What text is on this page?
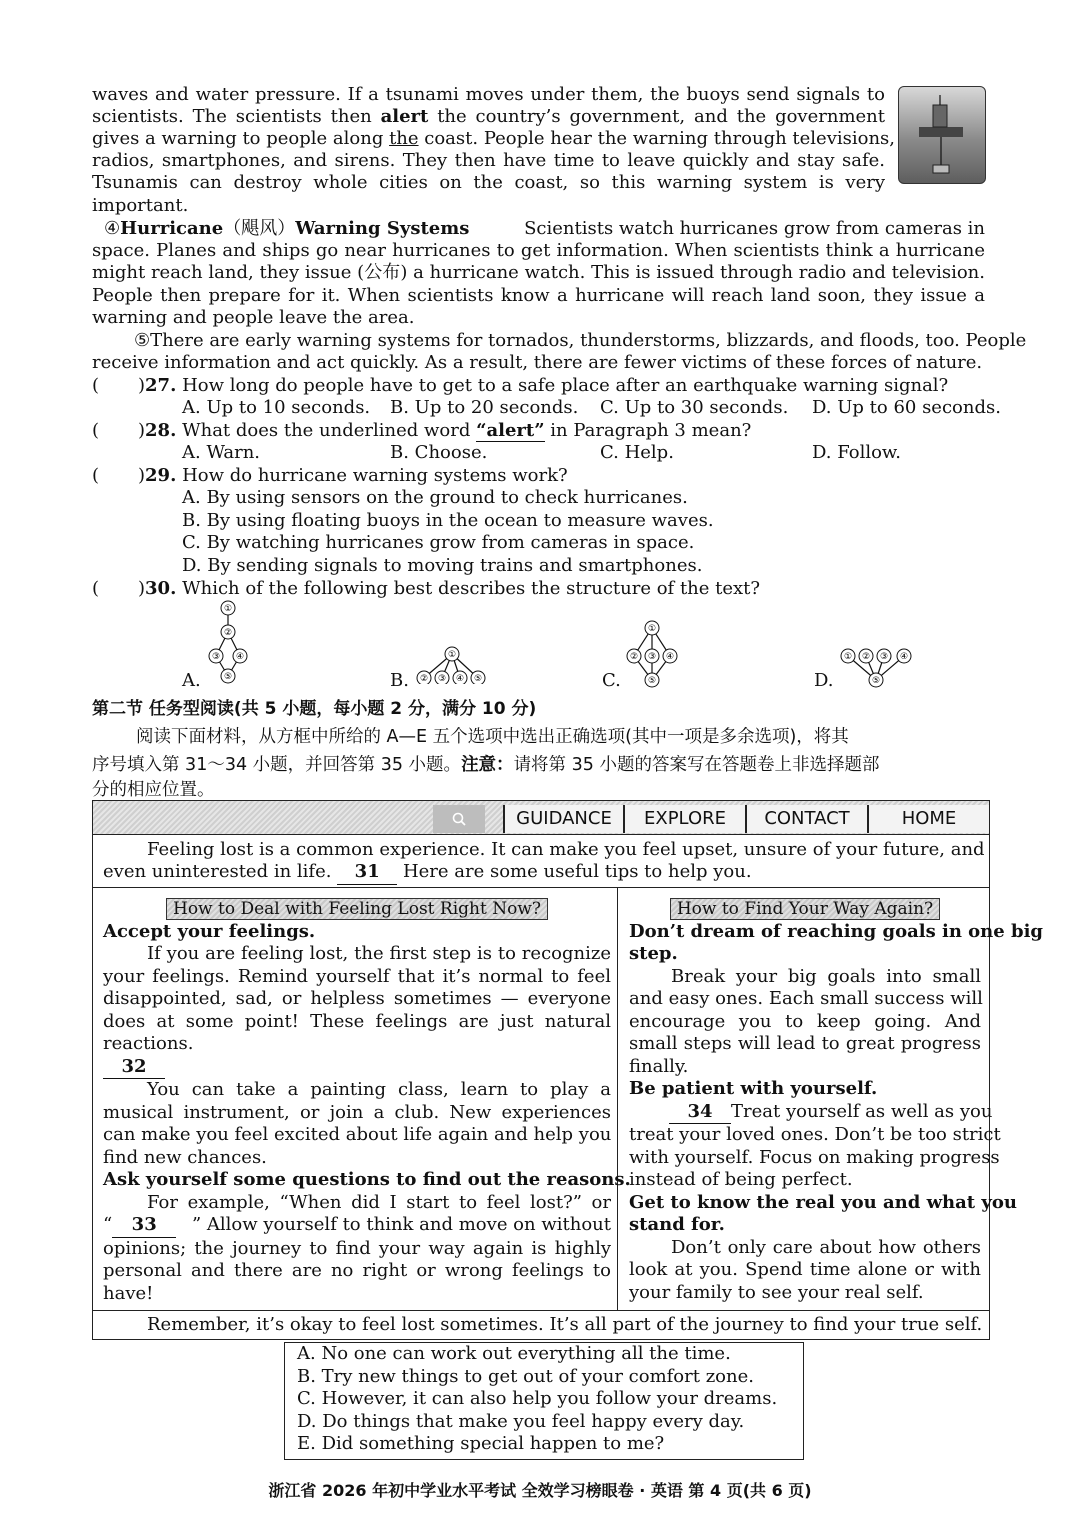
waves and water pressure. If a tsunami moves under them, the buoys send signals to
scientists. The scientists then alert the country’s government, and the government
gives a warning to people along the coast. People hear the warning through televisions,
radios, smartphones, and sirens. They then have time to leave quickly and stay safe.
Tsunamis can destroy whole cities on the coast, so this warning system is very
important.
④Hurricane（飓风）Warning Systems	Scientists watch hurricanes grow from cameras in
space. Planes and ships go near hurricanes to get information. When scientists think a hurricane
might reach land, they issue (公布) a hurricane watch. This is issued through radio and television.
People then prepare for it. When scientists know a hurricane will reach land soon, they issue a
warning and people leave the area.
⑤There are early warning systems for tornados, thunderstorms, blizzards, and floods, too. People
receive information and act quickly. As a result, there are fewer victims of these forces of nature.
( )27. How long do people have to get to a safe place after an earthquake warning signal?
A. Up to 10 seconds. B. Up to 20 seconds. C. Up to 30 seconds. D. Up to 60 seconds.
( )28. What does the underlined word “alert” in Paragraph 3 mean?
A. Warn.	B. Choose.	C. Help.	D. Follow.
( )29. How do hurricane warning systems work?
A. By using sensors on the ground to check hurricanes.
B. By using floating buoys in the ocean to measure waves.
C. By watching hurricanes grow from cameras in space.
D. By sending signals to moving trains and smartphones.
( )30. Which of the following best describes the structure of the text?
A.
①
②
③ ④
⑤	B.
①
② ③ ④ ⑤	C.
①
② ③ ④
⑤	D.
① ② ③ ④
⑤
第二节 任务型阅读(共 5 小题，每小题 2 分，满分 10 分)
阅读下面材料，从方框中所给的 A—E 五个选项中选出正确选项(其中一项是多余选项)，将其
序号填入第 31～34 小题，并回答第 35 小题。注意：请将第 35 小题的答案写在答题卷上非选择题部
分的相应位置。
GUIDANCE	EXPLORE	CONTACT	HOME
Feeling lost is a common experience. It can make you feel upset, unsure of your future, and
even uninterested in life. 31 Here are some useful tips to help you.
How to Deal with Feeling Lost Right Now?
Accept your feelings.
If you are feeling lost, the first step is to recognize
your feelings. Remind yourself that it’s normal to feel
disappointed, sad, or helpless sometimes — everyone
does at some point! These feelings are just natural
reactions.
32
You can take a painting class, learn to play a
musical instrument, or join a club. New experiences
can make you feel excited about life again and help you
find new chances.
Ask yourself some questions to find out the reasons.
For example, “When did I start to feel lost?” or
“ 33	” Allow yourself to think and move on without
opinions; the journey to find your way again is highly
personal and there are no right or wrong feelings to
have!
How to Find Your Way Again?
Don’t dream of reaching goals in one big
step.
Break your big goals into small
and easy ones. Each small success will
encourage you to keep going. And
small steps will lead to great progress
finally.
Be patient with yourself.
34	Treat yourself as well as you
treat your loved ones. Don’t be too strict
with yourself. Focus on making progress
instead of being perfect.
Get to know the real you and what you
stand for.
Don’t only care about how others
look at you. Spend time alone or with
your family to see your real self.
Remember, it’s okay to feel lost sometimes. It’s all part of the journey to find your true self.
A. No one can work out everything all the time.
B. Try new things to get out of your comfort zone.
C. However, it can also help you follow your dreams.
D. Do things that make you feel happy every day.
E. Did something special happen to me?
浙江省 2026 年初中学业水平考试 全效学习榜眼卷 · 英语 第 4 页(共 6 页)
